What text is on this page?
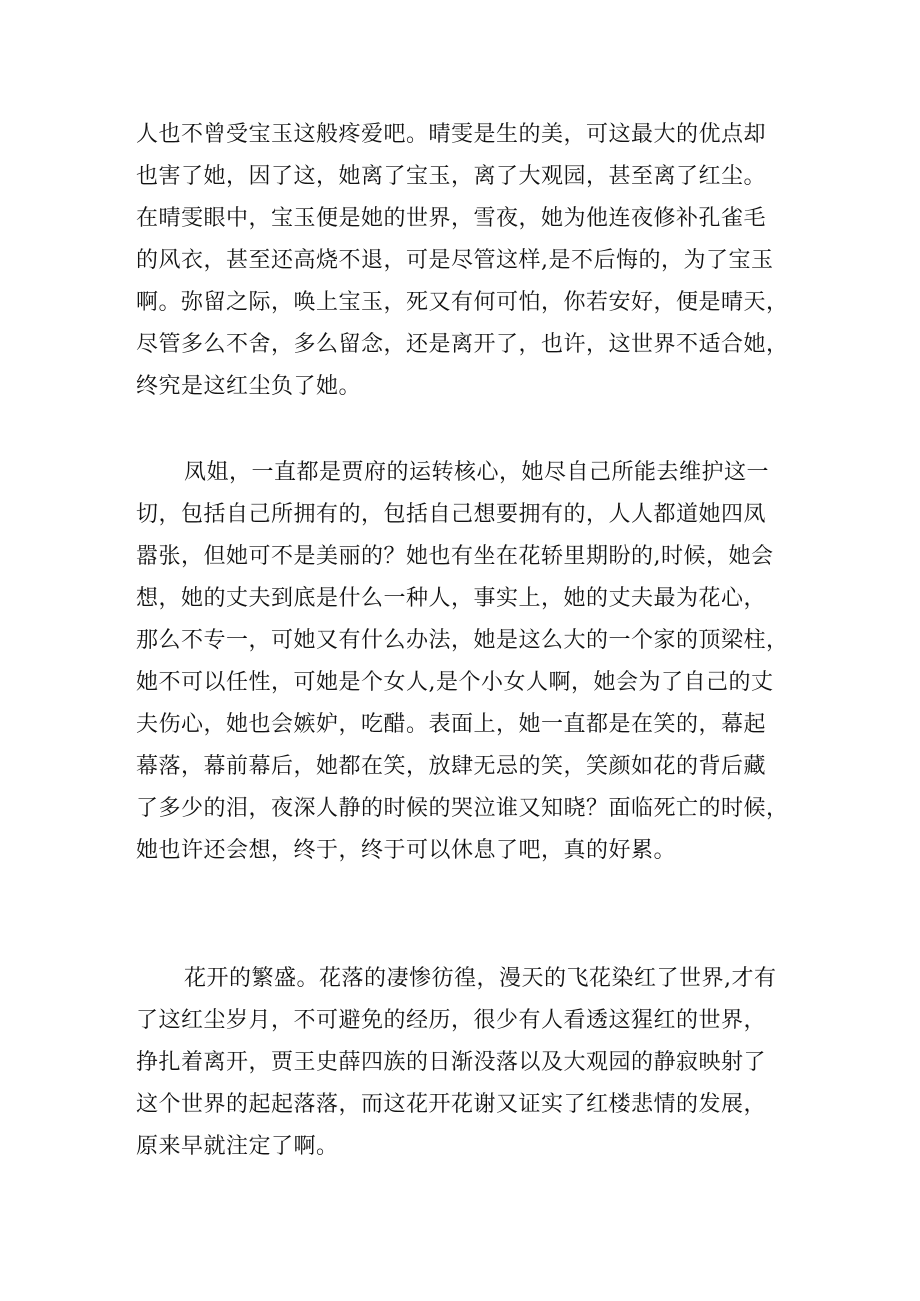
人也不曾受宝玉这般疼爱吧。晴雯是生的美，可这最大的优点却
也害了她，因了这，她离了宝玉，离了大观园，甚至离了红尘。
在晴雯眼中，宝玉便是她的世界，雪夜，她为他连夜修补孔雀毛
的风衣，甚至还高烧不退，可是尽管这样,是不后悔的，为了宝玉
啊。弥留之际，唤上宝玉，死又有何可怕，你若安好，便是晴天，
尽管多么不舍，多么留念，还是离开了，也许，这世界不适合她，
终究是这红尘负了她。
凤姐，一直都是贾府的运转核心，她尽自己所能去维护这一
切，包括自己所拥有的，包括自己想要拥有的，人人都道她四凤
嚣张，但她可不是美丽的？她也有坐在花轿里期盼的,时候，她会
想，她的丈夫到底是什么一种人，事实上，她的丈夫最为花心，
那么不专一，可她又有什么办法，她是这么大的一个家的顶梁柱，
她不可以任性，可她是个女人,是个小女人啊，她会为了自己的丈
夫伤心，她也会嫉妒，吃醋。表面上，她一直都是在笑的，幕起
幕落，幕前幕后，她都在笑，放肆无忌的笑，笑颜如花的背后藏
了多少的泪，夜深人静的时候的哭泣谁又知晓？面临死亡的时候，
她也许还会想，终于，终于可以休息了吧，真的好累。
花开的繁盛。花落的凄惨彷徨，漫天的飞花染红了世界,才有
了这红尘岁月，不可避免的经历，很少有人看透这猩红的世界，
挣扎着离开，贾王史薛四族的日渐没落以及大观园的静寂映射了
这个世界的起起落落，而这花开花谢又证实了红楼悲情的发展，
原来早就注定了啊。
